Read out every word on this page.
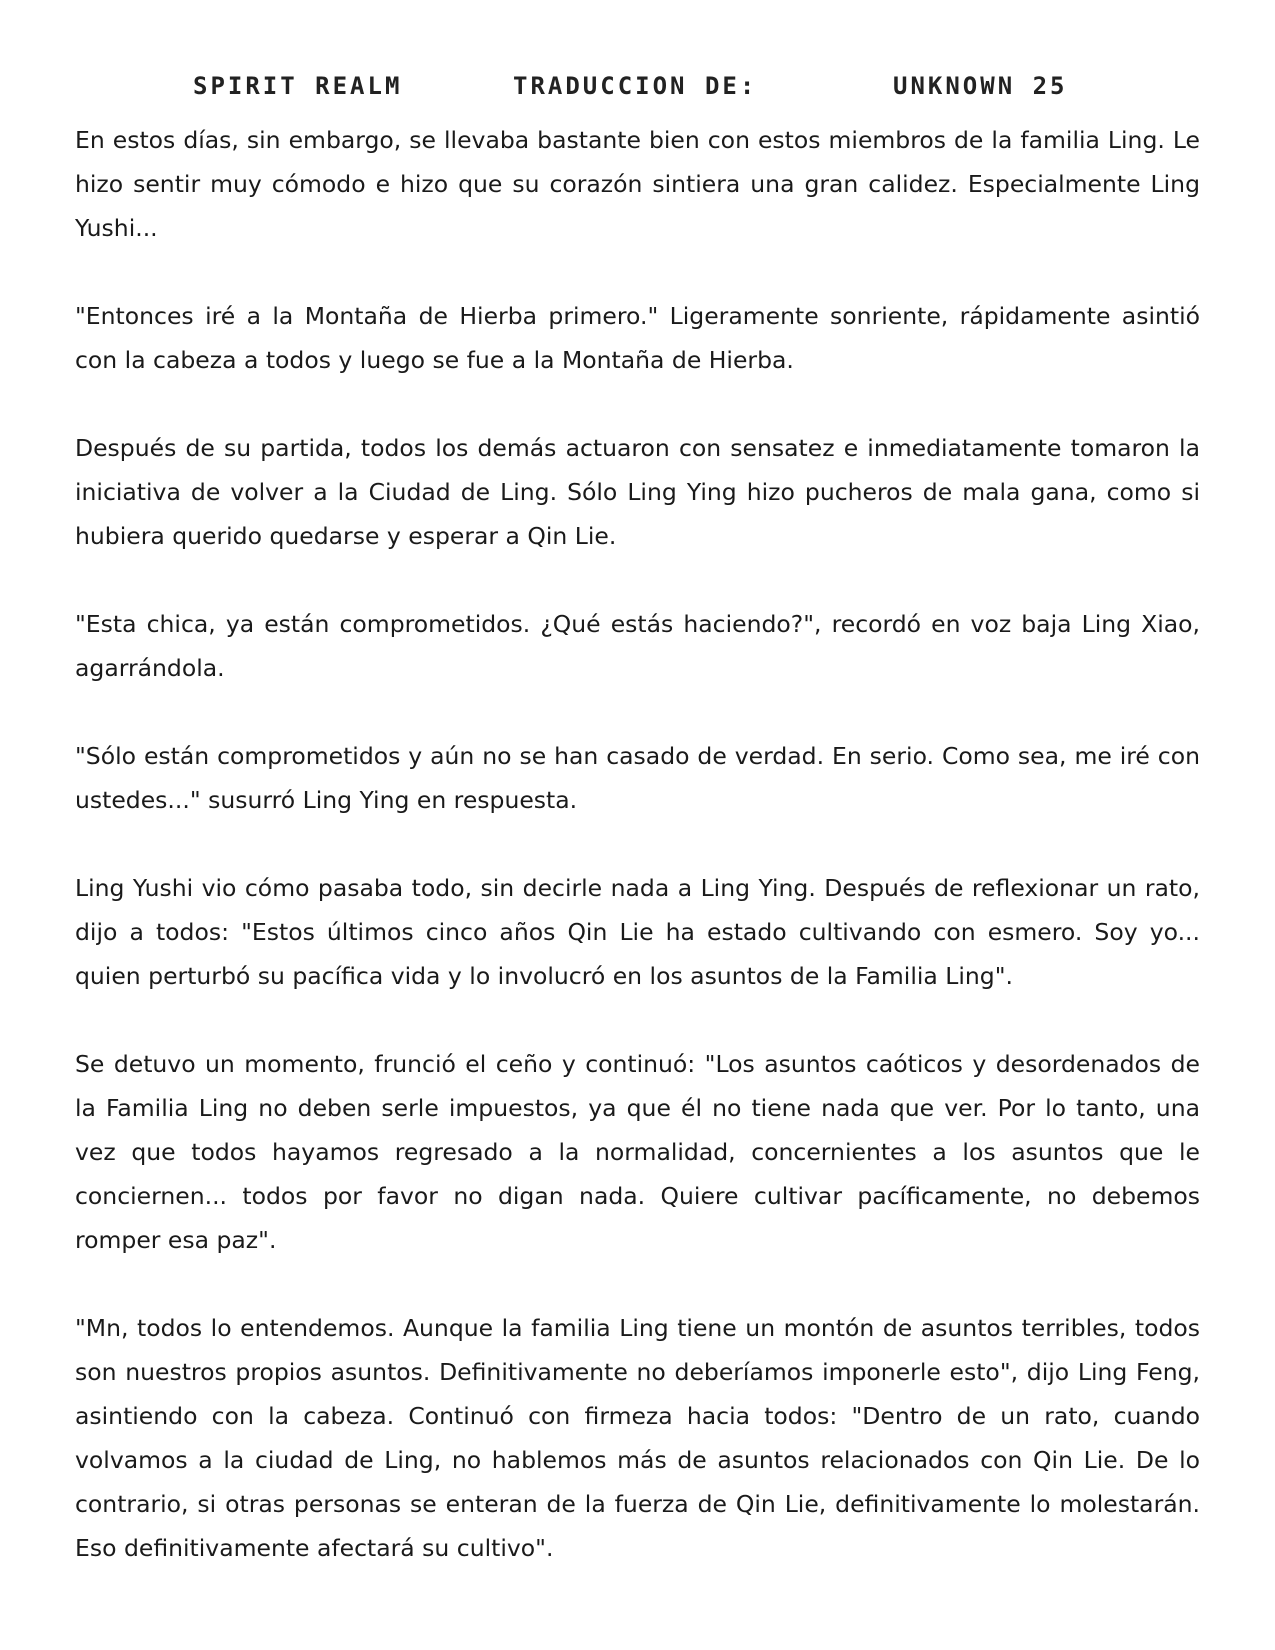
SPIRIT REALM	TRADUCCION DE:	UNKNOWN 25

En estos días, sin embargo, se llevaba bastante bien con estos miembros de la familia Ling. Le hizo sentir muy cómodo e hizo que su corazón sintiera una gran calidez. Especialmente Ling Yushi...

"Entonces iré a la Montaña de Hierba primero." Ligeramente sonriente, rápidamente asintió con la cabeza a todos y luego se fue a la Montaña de Hierba.

Después de su partida, todos los demás actuaron con sensatez e inmediatamente tomaron la iniciativa de volver a la Ciudad de Ling. Sólo Ling Ying hizo pucheros de mala gana, como si hubiera querido quedarse y esperar a Qin Lie.

"Esta chica, ya están comprometidos. ¿Qué estás haciendo?", recordó en voz baja Ling Xiao, agarrándola.

"Sólo están comprometidos y aún no se han casado de verdad. En serio. Como sea, me iré con ustedes..." susurró Ling Ying en respuesta.

Ling Yushi vio cómo pasaba todo, sin decirle nada a Ling Ying. Después de reflexionar un rato, dijo a todos: "Estos últimos cinco años Qin Lie ha estado cultivando con esmero. Soy yo... quien perturbó su pacífica vida y lo involucró en los asuntos de la Familia Ling".

Se detuvo un momento, frunció el ceño y continuó: "Los asuntos caóticos y desordenados de la Familia Ling no deben serle impuestos, ya que él no tiene nada que ver. Por lo tanto, una vez que todos hayamos regresado a la normalidad, concernientes a los asuntos que le conciernen... todos por favor no digan nada. Quiere cultivar pacíficamente, no debemos romper esa paz".

"Mn, todos lo entendemos. Aunque la familia Ling tiene un montón de asuntos terribles, todos son nuestros propios asuntos. Definitivamente no deberíamos imponerle esto", dijo Ling Feng, asintiendo con la cabeza. Continuó con firmeza hacia todos: "Dentro de un rato, cuando volvamos a la ciudad de Ling, no hablemos más de asuntos relacionados con Qin Lie. De lo contrario, si otras personas se enteran de la fuerza de Qin Lie, definitivamente lo molestarán. Eso definitivamente afectará su cultivo".
